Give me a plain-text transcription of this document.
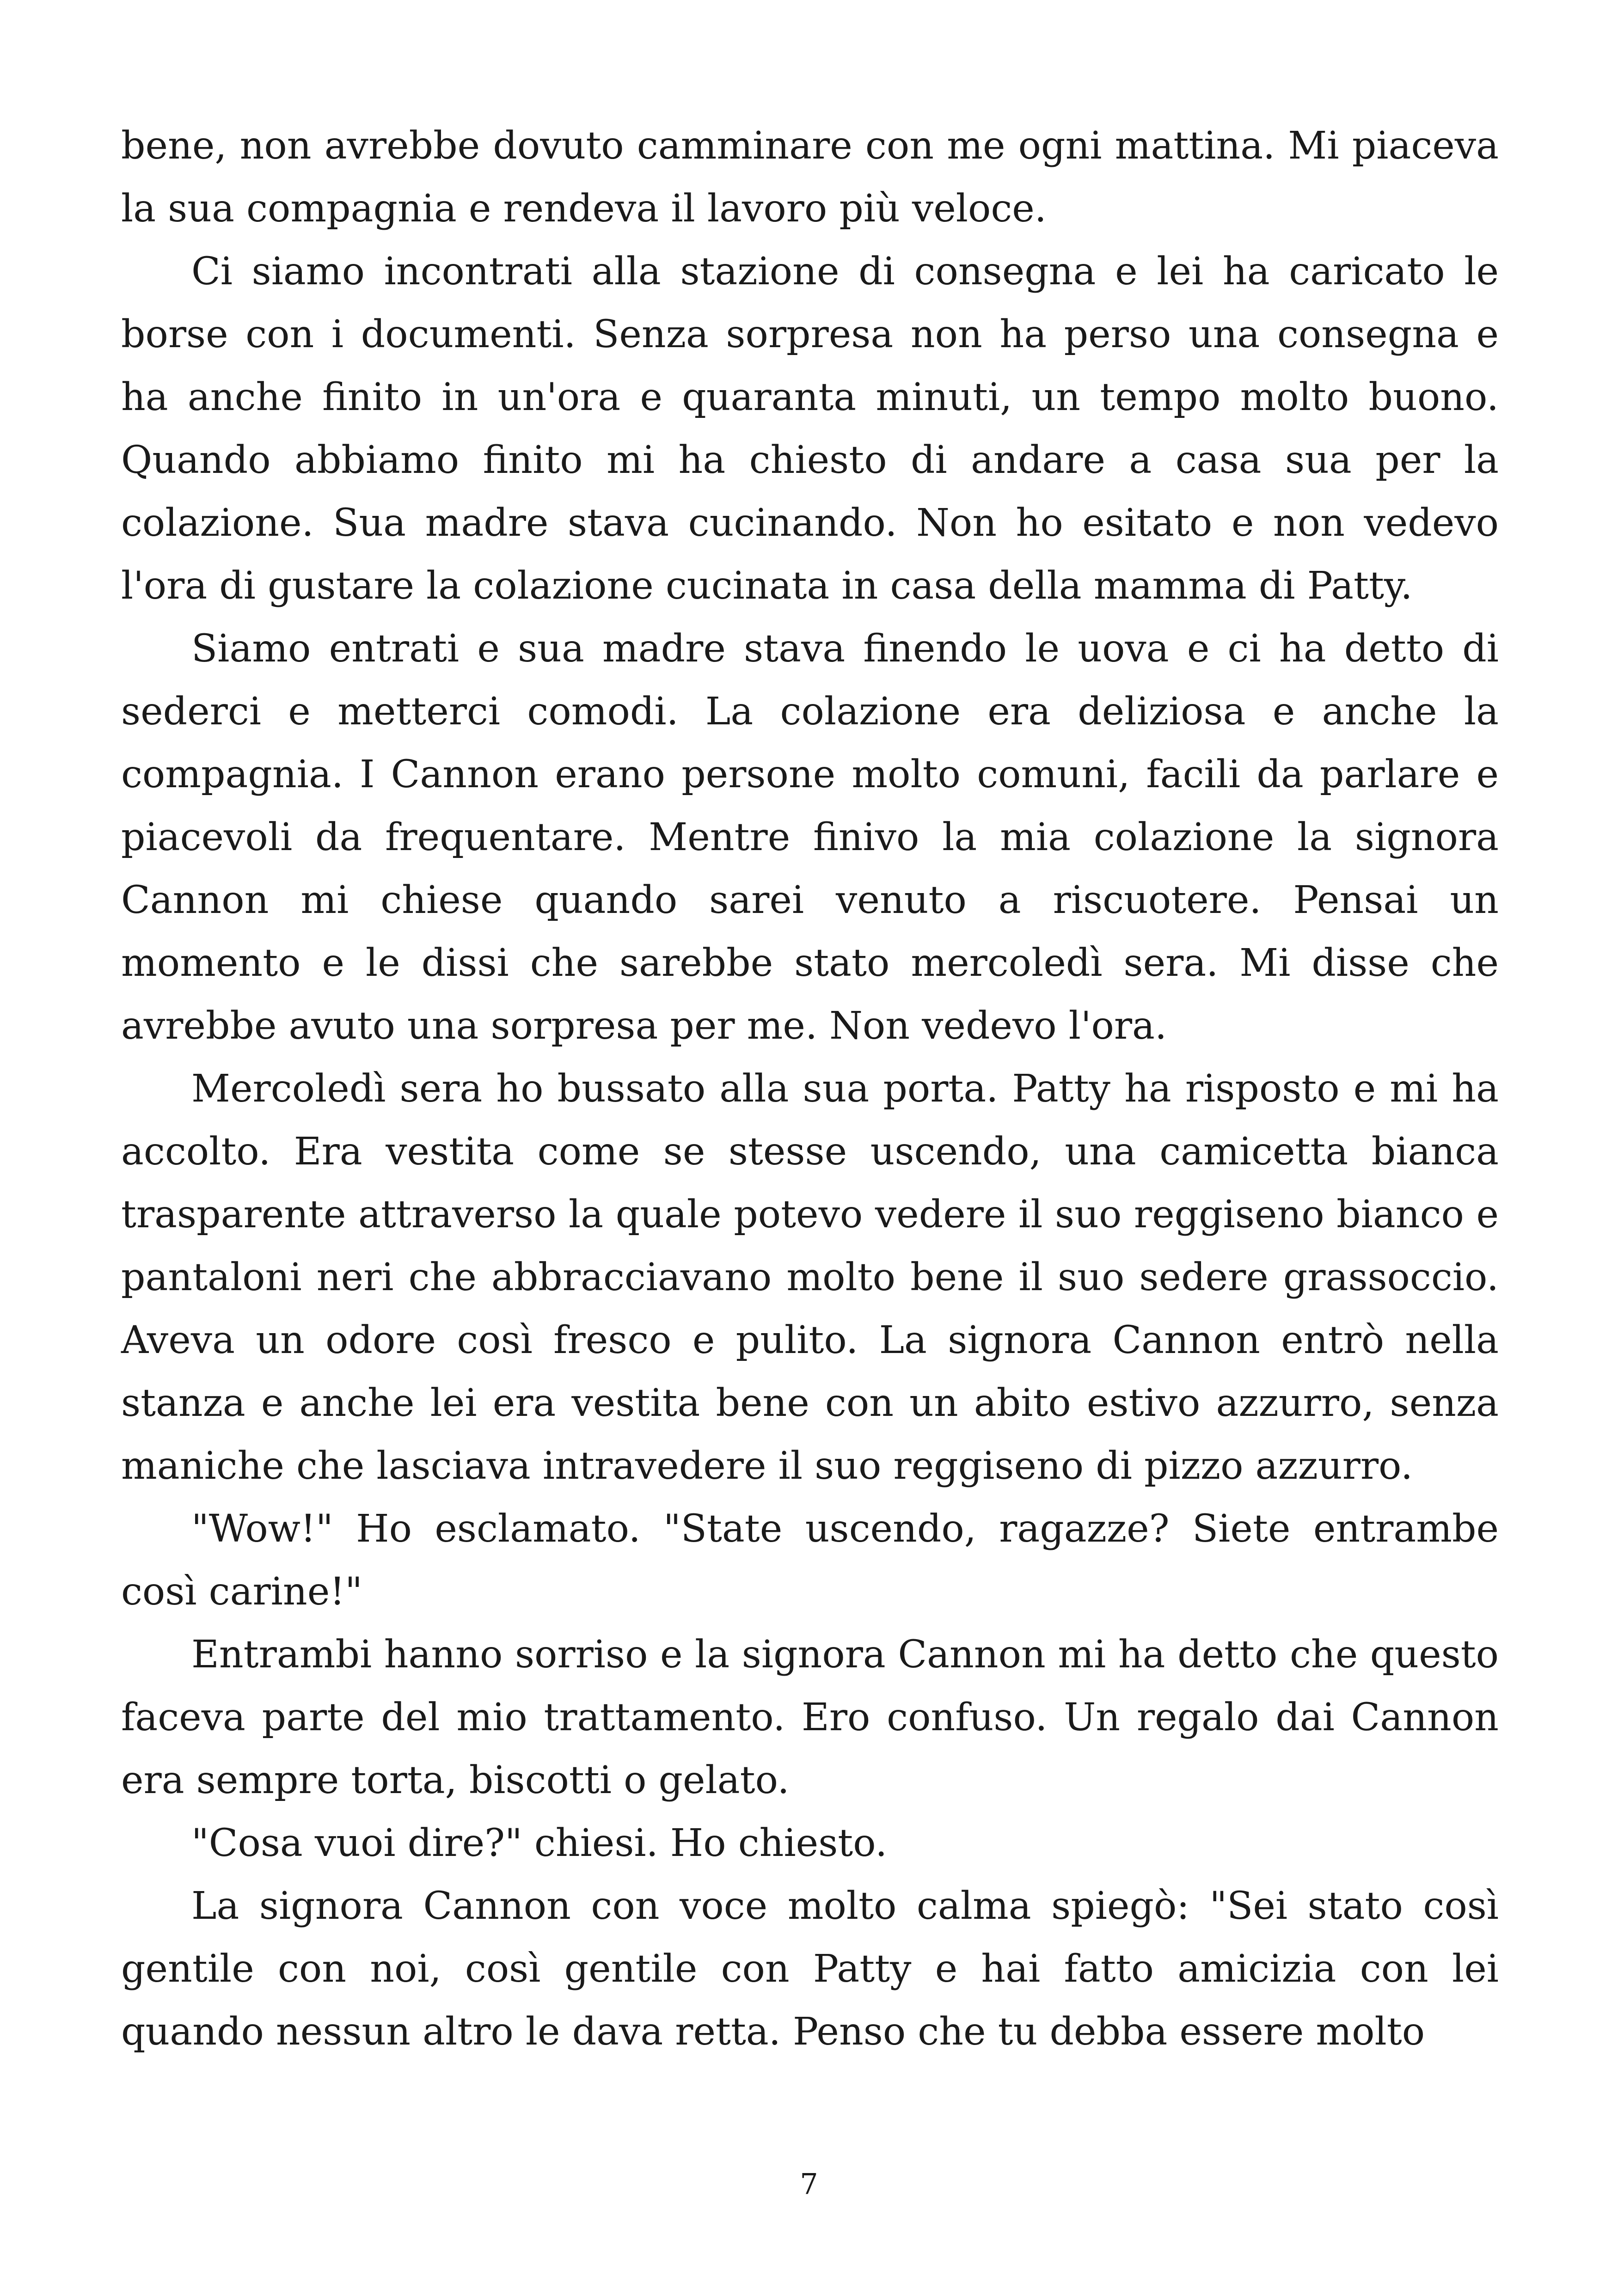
bene, non avrebbe dovuto camminare con me ogni mattina. Mi piaceva la sua compagnia e rendeva il lavoro più veloce.

Ci siamo incontrati alla stazione di consegna e lei ha caricato le borse con i documenti. Senza sorpresa non ha perso una consegna e ha anche finito in un'ora e quaranta minuti, un tempo molto buono. Quando abbiamo finito mi ha chiesto di andare a casa sua per la colazione. Sua madre stava cucinando. Non ho esitato e non vedevo l'ora di gustare la colazione cucinata in casa della mamma di Patty.

Siamo entrati e sua madre stava finendo le uova e ci ha detto di sederci e metterci comodi. La colazione era deliziosa e anche la compagnia. I Cannon erano persone molto comuni, facili da parlare e piacevoli da frequentare. Mentre finivo la mia colazione la signora Cannon mi chiese quando sarei venuto a riscuotere. Pensai un momento e le dissi che sarebbe stato mercoledì sera. Mi disse che avrebbe avuto una sorpresa per me. Non vedevo l'ora.

Mercoledì sera ho bussato alla sua porta. Patty ha risposto e mi ha accolto. Era vestita come se stesse uscendo, una camicetta bianca trasparente attraverso la quale potevo vedere il suo reggiseno bianco e pantaloni neri che abbracciavano molto bene il suo sedere grassoccio. Aveva un odore così fresco e pulito. La signora Cannon entrò nella stanza e anche lei era vestita bene con un abito estivo azzurro, senza maniche che lasciava intravedere il suo reggiseno di pizzo azzurro.

"Wow!" Ho esclamato. "State uscendo, ragazze? Siete entrambe così carine!"

Entrambi hanno sorriso e la signora Cannon mi ha detto che questo faceva parte del mio trattamento. Ero confuso. Un regalo dai Cannon era sempre torta, biscotti o gelato.

"Cosa vuoi dire?" chiesi. Ho chiesto.

La signora Cannon con voce molto calma spiegò: "Sei stato così gentile con noi, così gentile con Patty e hai fatto amicizia con lei quando nessun altro le dava retta. Penso che tu debba essere molto

7
